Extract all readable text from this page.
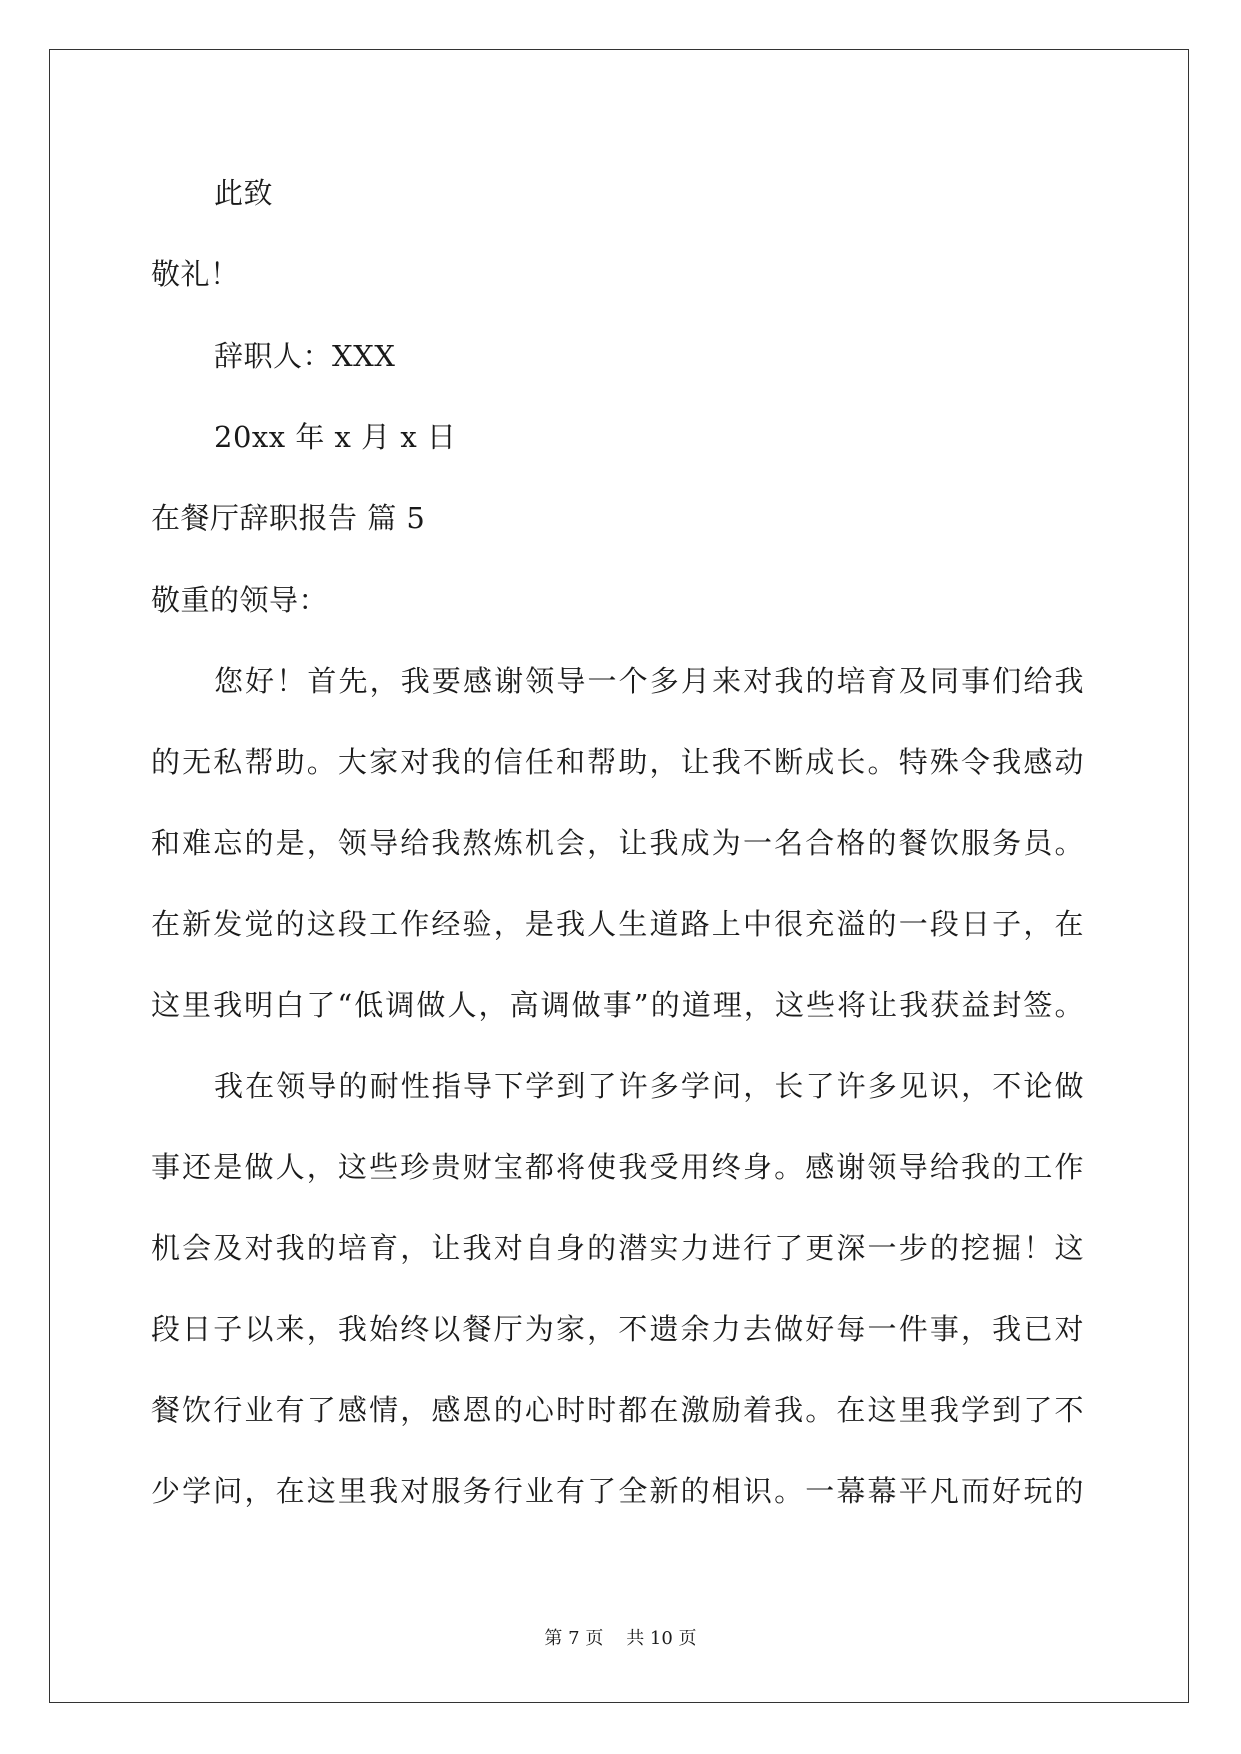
此致
敬礼！
辞职人：XXX
20xx 年 x 月 x 日
在餐厅辞职报告 篇 5
敬重的领导：
您好！首先，我要感谢领导一个多月来对我的培育及同事们给我
的无私帮助。大家对我的信任和帮助，让我不断成长。特殊令我感动
和难忘的是，领导给我熬炼机会，让我成为一名合格的餐饮服务员。
在新发觉的这段工作经验，是我人生道路上中很充溢的一段日子，在
这里我明白了“低调做人，高调做事”的道理，这些将让我获益封签。
我在领导的耐性指导下学到了许多学问，长了许多见识，不论做
事还是做人，这些珍贵财宝都将使我受用终身。感谢领导给我的工作
机会及对我的培育，让我对自身的潜实力进行了更深一步的挖掘！这
段日子以来，我始终以餐厅为家，不遗余力去做好每一件事，我已对
餐饮行业有了感情，感恩的心时时都在激励着我。在这里我学到了不
少学问，在这里我对服务行业有了全新的相识。一幕幕平凡而好玩的
第 7 页    共 10 页
